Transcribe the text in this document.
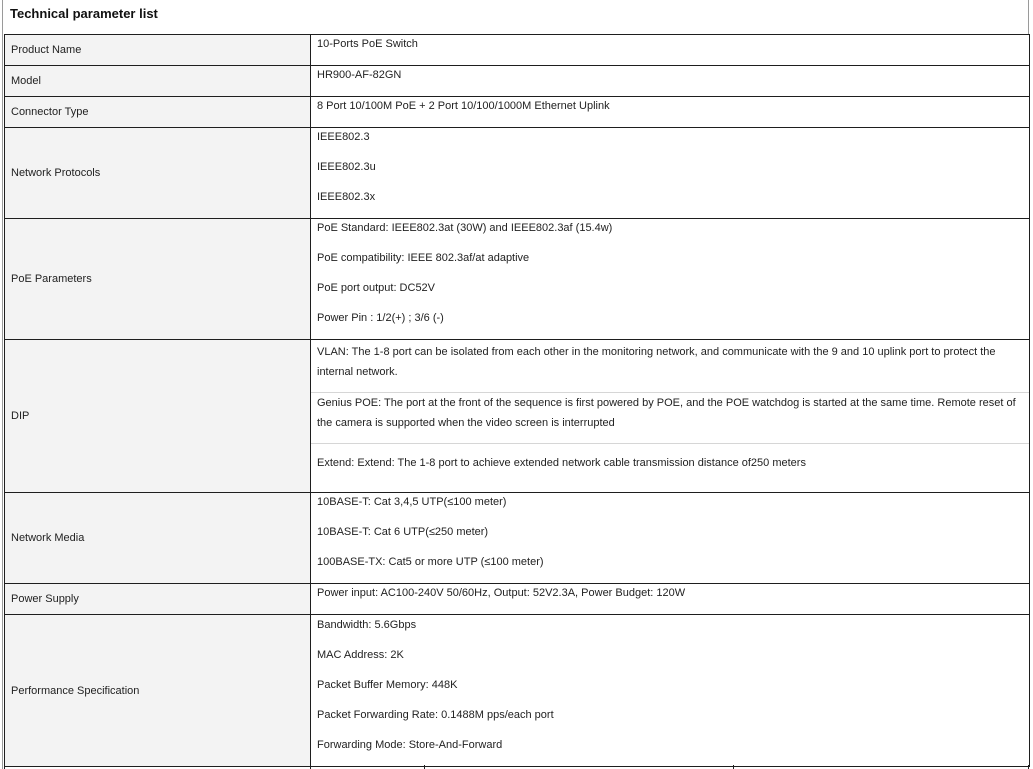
Technical parameter list
Product Name	10-Ports PoE Switch

Model	HR900-AF-82GN

Connector Type	8 Port 10/100M PoE + 2 Port 10/100/1000M Ethernet Uplink

Network Protocols	IEEE802.3
IEEE802.3u
IEEE802.3x

PoE Parameters	PoE Standard: IEEE802.3at (30W) and IEEE802.3af (15.4w)
PoE compatibility: IEEE 802.3af/at adaptive
PoE port output: DC52V
Power Pin : 1/2(+) ; 3/6 (-)

DIP	VLAN: The 1-8 port can be isolated from each other in the monitoring network, and communicate with the 9 and 10 uplink port to protect the internal network.
Genius POE: The port at the front of the sequence is first powered by POE, and the POE watchdog is started at the same time. Remote reset of the camera is supported when the video screen is interrupted
Extend: Extend: The 1-8 port to achieve extended network cable transmission distance of250 meters

Network Media	10BASE-T: Cat 3,4,5 UTP(≤100 meter)
10BASE-T: Cat 6 UTP(≤250 meter)
100BASE-TX: Cat5 or more UTP (≤100 meter)

Power Supply	Power input: AC100-240V 50/60Hz, Output: 52V2.3A, Power Budget: 120W

Performance Specification	Bandwidth: 5.6Gbps
MAC Address: 2K
Packet Buffer Memory: 448K
Packet Forwarding Rate: 0.1488M pps/each port
Forwarding Mode: Store-And-Forward
